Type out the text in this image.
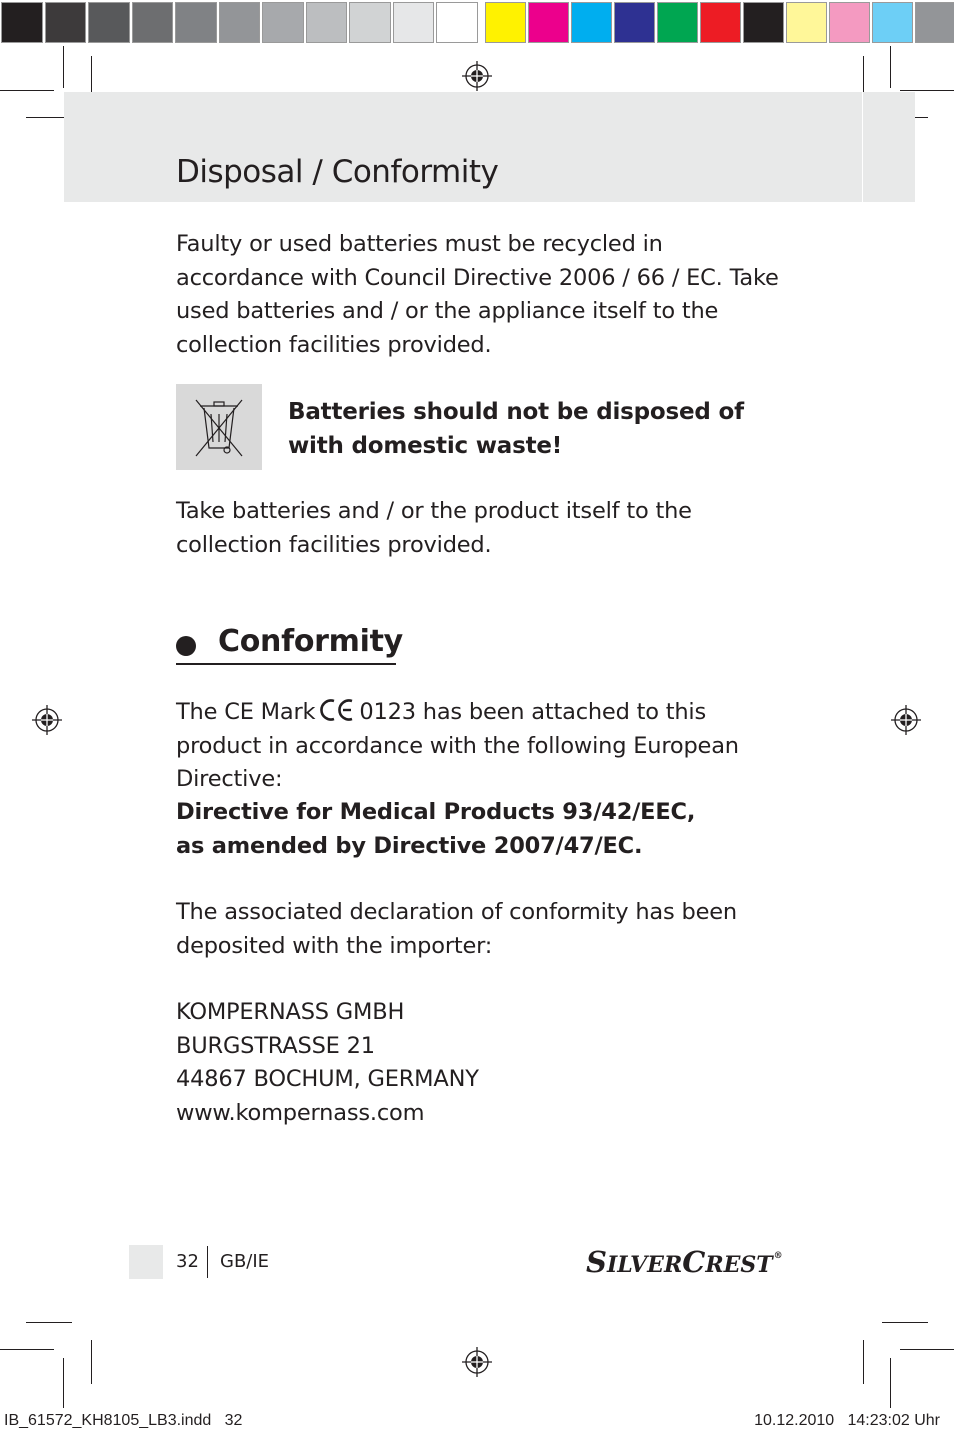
Disposal / Conformity

Faulty or used batteries must be recycled in accordance with Council Directive 2006 / 66 / EC. Take used batteries and / or the appliance itself to the collection facilities provided.

Batteries should not be disposed of
with domestic waste!

Take batteries and / or the product itself to the collection facilities provided.

Conformity

The CE Mark 0123 has been attached to this product in accordance with the following European Directive:

Directive for Medical Products 93/42/EEC,
as amended by Directive 2007/47/EC.

The associated declaration of conformity has been deposited with the importer:

KOMPERNASS GMBH
BURGSTRASSE 21
44867 BOCHUM, GERMANY
www.kompernass.com
32 GB/IE	SILVERCREST®
IB_61572_KH8105_LB3.indd   32	10.12.2010   14:23:02 Uhr
